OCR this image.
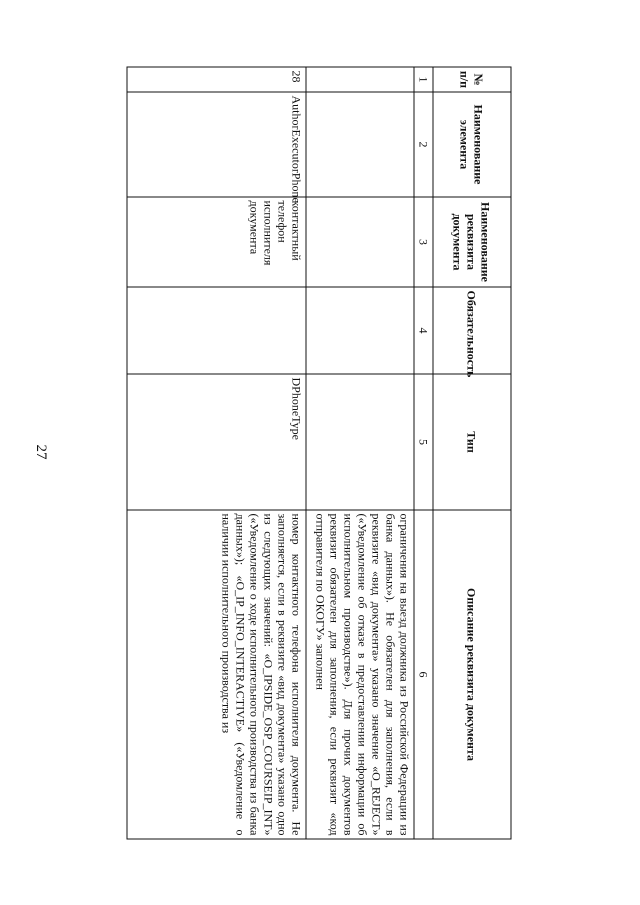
27
№ п/п	Наименование элемента	Наименование реквизита документа	Обязательность	Тип	Описание реквизита документа
1	2	3	4	5	6
					ограничения на выезд должника из Российской Федерации из банка данных»). Не обязателен для заполнения, если в реквизите «вид документа» указано значение «O_REJECT» («Уведомление об отказе в предоставлении информации об исполнительном производстве»). Для прочих документов реквизит обязателен для заполнения, если реквизит «код отправителя по ОКОГУ» заполнен
28	AuthorExecutorPhone	контактный телефон исполнителя документа		DPhoneType	номер контактного телефона исполнителя документа. Не заполняется, если в реквизите «вид документа» указано одно из следующих значений: «O_IPSIDE_OSP_COURSEIP_INT» («Уведомление о ходе исполнительного производства из банка данных»); «O_IP_INFO_INTERACTIVE» («Уведомление о наличии исполнительного производства из
